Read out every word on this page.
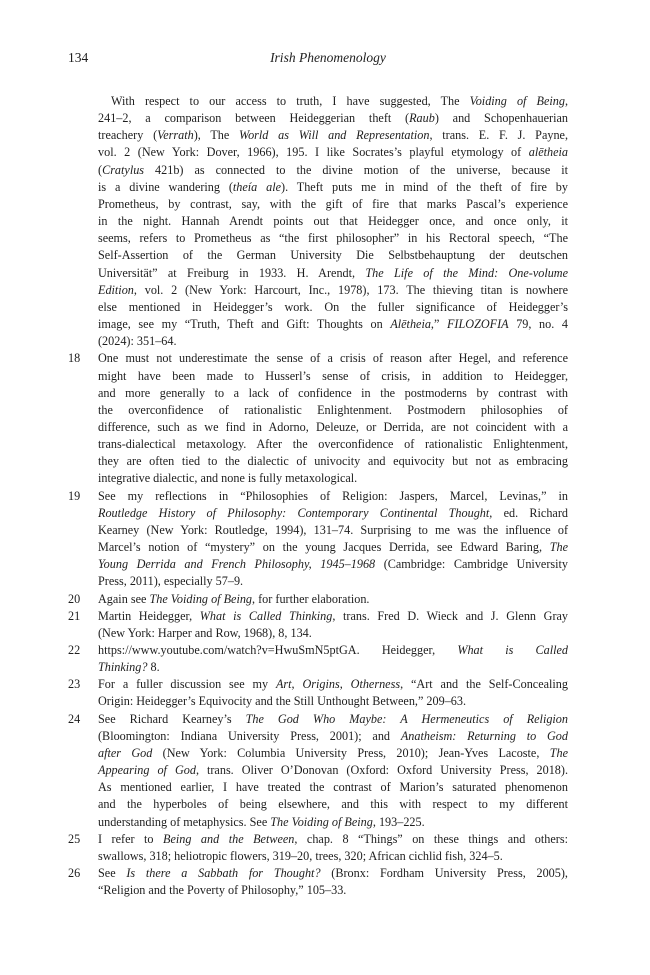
134	Irish Phenomenology
With respect to our access to truth, I have suggested, The Voiding of Being,
241–2, a comparison between Heideggerian theft (Raub) and Schopenhauerian
treachery (Verrath), The World as Will and Representation, trans. E. F. J. Payne,
vol. 2 (New York: Dover, 1966), 195. I like Socrates’s playful etymology of alētheia
(Cratylus 421b) as connected to the divine motion of the universe, because it
is a divine wandering (theía ale). Theft puts me in mind of the theft of fire by
Prometheus, by contrast, say, with the gift of fire that marks Pascal’s experience
in the night. Hannah Arendt points out that Heidegger once, and once only, it
seems, refers to Prometheus as “the first philosopher” in his Rectoral speech, “The
Self-Assertion of the German University Die Selbstbehauptung der deutschen
Universität” at Freiburg in 1933. H. Arendt, The Life of the Mind: One-volume
Edition, vol. 2 (New York: Harcourt, Inc., 1978), 173. The thieving titan is nowhere
else mentioned in Heidegger’s work. On the fuller significance of Heidegger’s
image, see my “Truth, Theft and Gift: Thoughts on Alētheia,” FILOZOFIA 79, no. 4
(2024): 351–64.
18 One must not underestimate the sense of a crisis of reason after Hegel, and reference
might have been made to Husserl’s sense of crisis, in addition to Heidegger,
and more generally to a lack of confidence in the postmoderns by contrast with
the overconfidence of rationalistic Enlightenment. Postmodern philosophies of
difference, such as we find in Adorno, Deleuze, or Derrida, are not coincident with a
trans-dialectical metaxology. After the overconfidence of rationalistic Enlightenment,
they are often tied to the dialectic of univocity and equivocity but not as embracing
integrative dialectic, and none is fully metaxological.
19 See my reflections in “Philosophies of Religion: Jaspers, Marcel, Levinas,” in
Routledge History of Philosophy: Contemporary Continental Thought, ed. Richard
Kearney (New York: Routledge, 1994), 131–74. Surprising to me was the influence of
Marcel’s notion of “mystery” on the young Jacques Derrida, see Edward Baring, The
Young Derrida and French Philosophy, 1945–1968 (Cambridge: Cambridge University
Press, 2011), especially 57–9.
20 Again see The Voiding of Being, for further elaboration.
21 Martin Heidegger, What is Called Thinking, trans. Fred D. Wieck and J. Glenn Gray
(New York: Harper and Row, 1968), 8, 134.
22 https://www.youtube.com/watch?v=HwuSmN5ptGA. Heidegger, What is Called
Thinking? 8.
23 For a fuller discussion see my Art, Origins, Otherness, “Art and the Self-Concealing
Origin: Heidegger’s Equivocity and the Still Unthought Between,” 209–63.
24 See Richard Kearney’s The God Who Maybe: A Hermeneutics of Religion
(Bloomington: Indiana University Press, 2001); and Anatheism: Returning to God
after God (New York: Columbia University Press, 2010); Jean-Yves Lacoste, The
Appearing of God, trans. Oliver O’Donovan (Oxford: Oxford University Press, 2018).
As mentioned earlier, I have treated the contrast of Marion’s saturated phenomenon
and the hyperboles of being elsewhere, and this with respect to my different
understanding of metaphysics. See The Voiding of Being, 193–225.
25 I refer to Being and the Between, chap. 8 “Things” on these things and others:
swallows, 318; heliotropic flowers, 319–20, trees, 320; African cichlid fish, 324–5.
26 See Is there a Sabbath for Thought? (Bronx: Fordham University Press, 2005),
“Religion and the Poverty of Philosophy,” 105–33.
